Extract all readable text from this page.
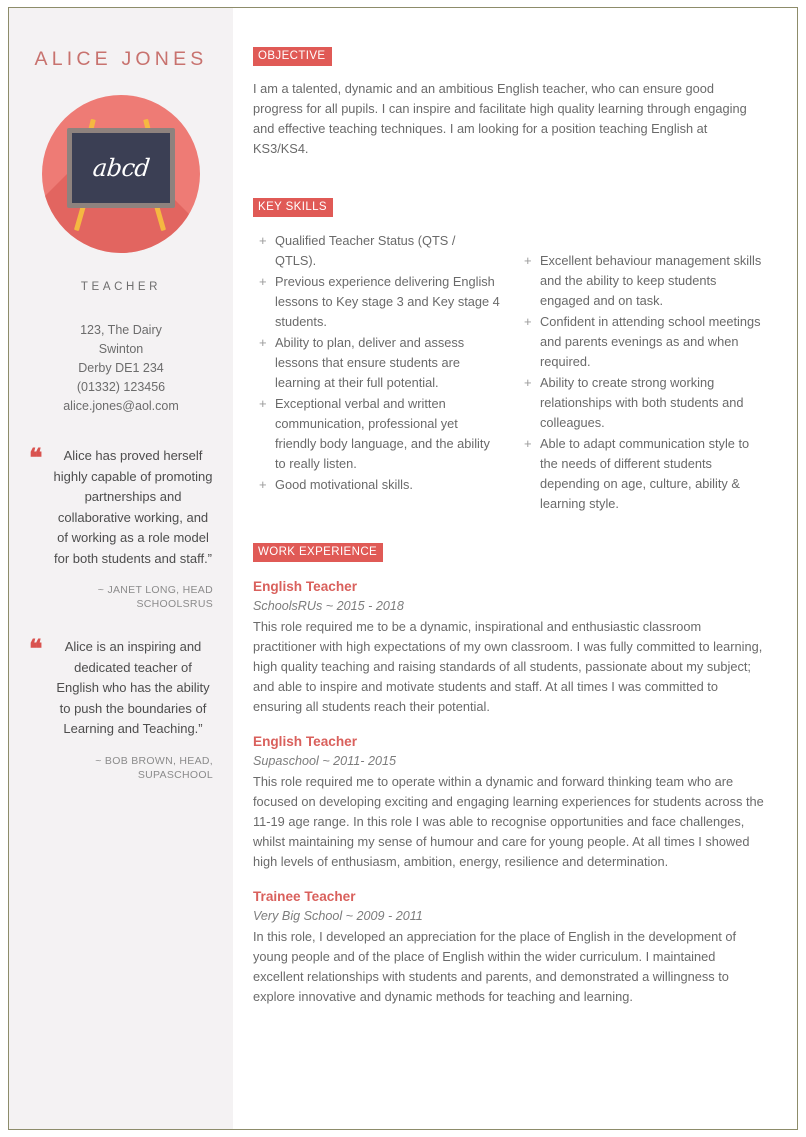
ALICE JONES
abcd
TEACHER
123, The Dairy
Swinton
Derby DE1 234
(01332) 123456
alice.jones@aol.com
❝	Alice has proved herself highly capable of promoting partnerships and collaborative working, and of working as a role model for both students and staff.”
~ JANET LONG, HEAD SCHOOLSRUS
❝	Alice is an inspiring and dedicated teacher of English who has the ability to push the boundaries of Learning and Teaching.”
~ BOB BROWN, HEAD, SUPASCHOOL
OBJECTIVE

I am a talented, dynamic and an ambitious English teacher, who can ensure good progress for all pupils. I can inspire and facilitate high quality learning through engaging and effective teaching techniques. I am looking for a position teaching English at KS3/KS4.

KEY SKILLS
+ Qualified Teacher Status (QTS / QTLS).
+ Previous experience delivering English lessons to Key stage 3 and Key stage 4 students.
+ Ability to plan, deliver and assess lessons that ensure students are learning at their full potential.
+ Exceptional verbal and written communication, professional yet friendly body language, and the ability to really listen.
+ Good motivational skills.
+ Excellent behaviour management skills and the ability to keep students engaged and on task.
+ Confident in attending school meetings and parents evenings as and when required.
+ Ability to create strong working relationships with both students and colleagues.
+ Able to adapt communication style to the needs of different students depending on age, culture, ability & learning style.
WORK EXPERIENCE
English Teacher
SchoolsRUs ~ 2015 - 2018

This role required me to be a dynamic, inspirational and enthusiastic classroom practitioner with high expectations of my own classroom. I was fully committed to learning, high quality teaching and raising standards of all students, passionate about my subject; and able to inspire and motivate students and staff. At all times I was committed to ensuring all students reach their potential.

English Teacher
Supaschool ~ 2011- 2015

This role required me to operate within a dynamic and forward thinking team who are focused on developing exciting and engaging learning experiences for students across the 11-19 age range. In this role I was able to recognise opportunities and face challenges, whilst maintaining my sense of humour and care for young people. At all times I showed high levels of enthusiasm, ambition, energy, resilience and determination.

Trainee Teacher
Very Big School ~ 2009 - 2011

In this role, I developed an appreciation for the place of English in the development of young people and of the place of English within the wider curriculum. I maintained excellent relationships with students and parents, and demonstrated a willingness to explore innovative and dynamic methods for teaching and learning.
